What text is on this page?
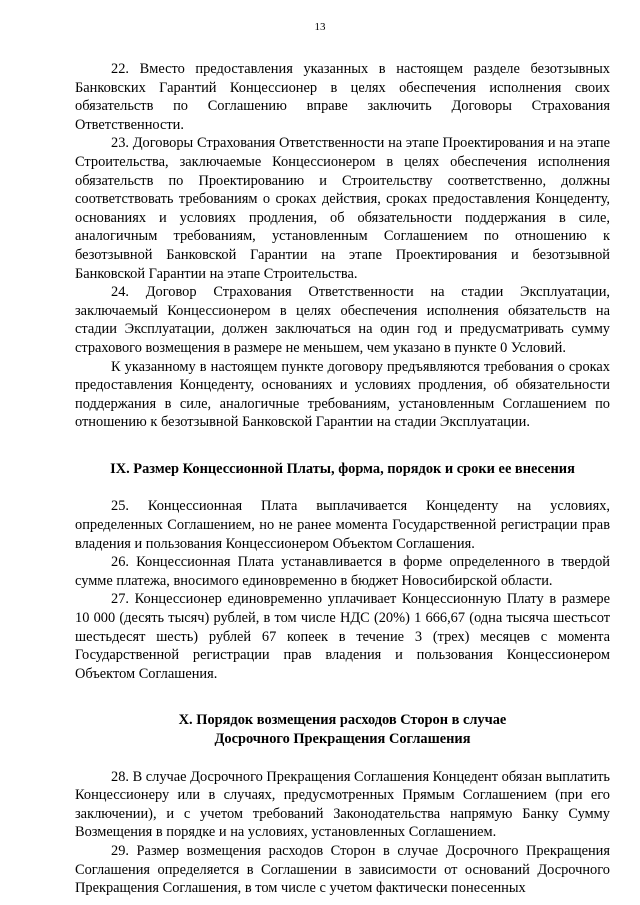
13

22. Вместо предоставления указанных в настоящем разделе безотзывных Банковских Гарантий Концессионер в целях обеспечения исполнения своих обязательств по Соглашению вправе заключить Договоры Страхования Ответственности.

23. Договоры Страхования Ответственности на этапе Проектирования и на этапе Строительства, заключаемые Концессионером в целях обеспечения исполнения обязательств по Проектированию и Строительству соответственно, должны соответствовать требованиям о сроках действия, сроках предоставления Концеденту, основаниях и условиях продления, об обязательности поддержания в силе, аналогичным требованиям, установленным Соглашением по отношению к безотзывной Банковской Гарантии на этапе Проектирования и безотзывной Банковской Гарантии на этапе Строительства.

24. Договор Страхования Ответственности на стадии Эксплуатации, заключаемый Концессионером в целях обеспечения исполнения обязательств на стадии Эксплуатации, должен заключаться на один год и предусматривать сумму страхового возмещения в размере не меньшем, чем указано в пункте 0 Условий.

К указанному в настоящем пункте договору предъявляются требования о сроках предоставления Концеденту, основаниях и условиях продления, об обязательности поддержания в силе, аналогичные требованиям, установленным Соглашением по отношению к безотзывной Банковской Гарантии на стадии Эксплуатации.

IX. Размер Концессионной Платы, форма, порядок и сроки ее внесения

25. Концессионная Плата выплачивается Концеденту на условиях, определенных Соглашением, но не ранее момента Государственной регистрации прав владения и пользования Концессионером Объектом Соглашения.

26. Концессионная Плата устанавливается в форме определенного в твердой сумме платежа, вносимого единовременно в бюджет Новосибирской области.

27. Концессионер единовременно уплачивает Концессионную Плату в размере 10 000 (десять тысяч) рублей, в том числе НДС (20%) 1 666,67 (одна тысяча шестьсот шестьдесят шесть) рублей 67 копеек в течение 3 (трех) месяцев с момента Государственной регистрации прав владения и пользования Концессионером Объектом Соглашения.

X. Порядок возмещения расходов Сторон в случае
Досрочного Прекращения Соглашения

28. В случае Досрочного Прекращения Соглашения Концедент обязан выплатить Концессионеру или в случаях, предусмотренных Прямым Соглашением (при его заключении), и с учетом требований Законодательства напрямую Банку Сумму Возмещения в порядке и на условиях, установленных Соглашением.

29. Размер возмещения расходов Сторон в случае Досрочного Прекращения Соглашения определяется в Соглашении в зависимости от оснований Досрочного Прекращения Соглашения, в том числе с учетом фактически понесенных
